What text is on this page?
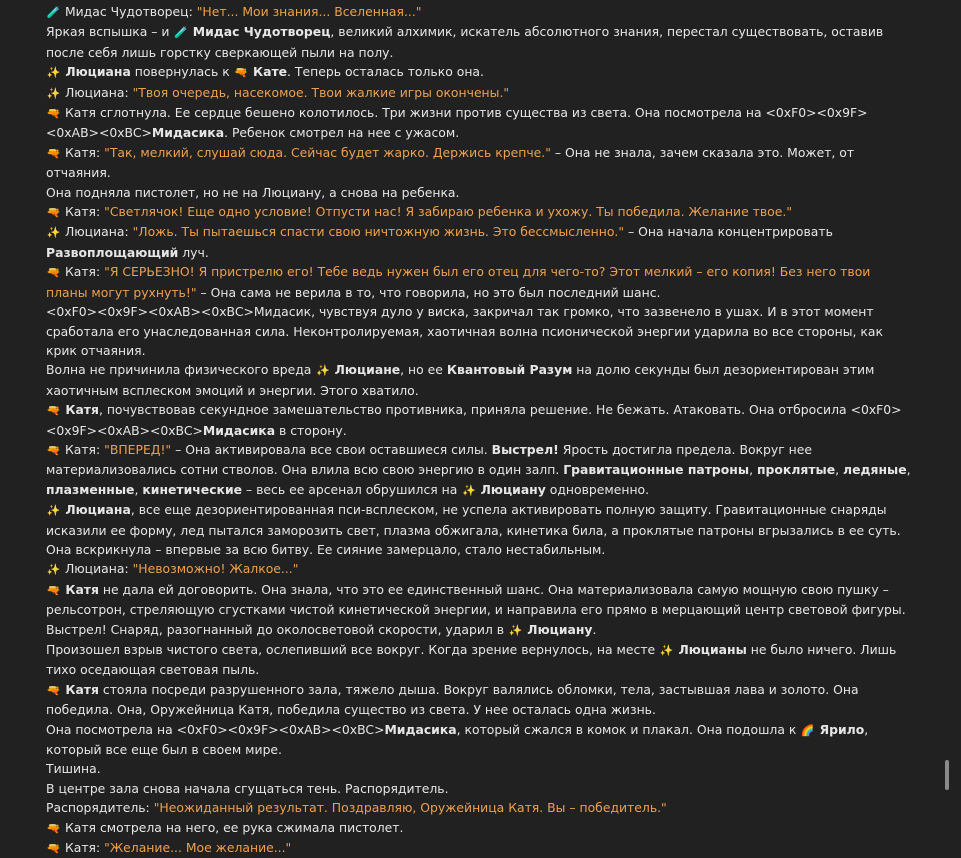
🧪 Мидас Чудотворец: "Нет... Мои знания... Вселенная..."
Яркая вспышка – и 🧪 Мидас Чудотворец, великий алхимик, искатель абсолютного знания, перестал существовать, оставив после себя лишь горстку сверкающей пыли на полу.
✨ Люциана повернулась к 🔫 Кате. Теперь осталась только она.
✨ Люциана: "Твоя очередь, насекомое. Твои жалкие игры окончены."
🔫 Катя сглотнула. Ее сердце бешено колотилось. Три жизни против существа из света. Она посмотрела на <0xF0><0x9F><0xAB><0xBC>Мидасика. Ребенок смотрел на нее с ужасом.
🔫 Катя: "Так, мелкий, слушай сюда. Сейчас будет жарко. Держись крепче." – Она не знала, зачем сказала это. Может, от отчаяния.
Она подняла пистолет, но не на Люциану, а снова на ребенка.
🔫 Катя: "Светлячок! Еще одно условие! Отпусти нас! Я забираю ребенка и ухожу. Ты победила. Желание твое."
✨ Люциана: "Ложь. Ты пытаешься спасти свою ничтожную жизнь. Это бессмысленно." – Она начала концентрировать Развоплощающий луч.
🔫 Катя: "Я СЕРЬЕЗНО! Я пристрелю его! Тебе ведь нужен был его отец для чего-то? Этот мелкий – его копия! Без него твои планы могут рухнуть!" – Она сама не верила в то, что говорила, но это был последний шанс.
<0xF0><0x9F><0xAB><0xBC>Мидасик, чувствуя дуло у виска, закричал так громко, что зазвенело в ушах. И в этот момент сработала его унаследованная сила. Неконтролируемая, хаотичная волна псионической энергии ударила во все стороны, как крик отчаяния.
Волна не причинила физического вреда ✨ Люциане, но ее Квантовый Разум на долю секунды был дезориентирован этим хаотичным всплеском эмоций и энергии. Этого хватило.
🔫 Катя, почувствовав секундное замешательство противника, приняла решение. Не бежать. Атаковать. Она отбросила <0xF0><0x9F><0xAB><0xBC>Мидасика в сторону.
🔫 Катя: "ВПЕРЕД!" – Она активировала все свои оставшиеся силы. Выстрел! Ярость достигла предела. Вокруг нее материализовались сотни стволов. Она влила всю свою энергию в один залп. Гравитационные патроны, проклятые, ледяные, плазменные, кинетические – весь ее арсенал обрушился на ✨ Люциану одновременно.
✨ Люциана, все еще дезориентированная пси-всплеском, не успела активировать полную защиту. Гравитационные снаряды исказили ее форму, лед пытался заморозить свет, плазма обжигала, кинетика била, а проклятые патроны вгрызались в ее суть. Она вскрикнула – впервые за всю битву. Ее сияние замерцало, стало нестабильным.
✨ Люциана: "Невозможно! Жалкое..."
🔫 Катя не дала ей договорить. Она знала, что это ее единственный шанс. Она материализовала самую мощную свою пушку – рельсотрон, стреляющую сгустками чистой кинетической энергии, и направила его прямо в мерцающий центр световой фигуры.
Выстрел! Снаряд, разогнанный до околосветовой скорости, ударил в ✨ Люциану.
Произошел взрыв чистого света, ослепивший все вокруг. Когда зрение вернулось, на месте ✨ Люцианы не было ничего. Лишь тихо оседающая световая пыль.
🔫 Катя стояла посреди разрушенного зала, тяжело дыша. Вокруг валялись обломки, тела, застывшая лава и золото. Она победила. Она, Оружейница Катя, победила существо из света. У нее осталась одна жизнь.
Она посмотрела на <0xF0><0x9F><0xAB><0xBC>Мидасика, который сжался в комок и плакал. Она подошла к 🌈 Ярило, который все еще был в своем мире.
Тишина.
В центре зала снова начала сгущаться тень. Распорядитель.
Распорядитель: "Неожиданный результат. Поздравляю, Оружейница Катя. Вы – победитель."
🔫 Катя смотрела на него, ее рука сжимала пистолет.
🔫 Катя: "Желание... Мое желание..."
